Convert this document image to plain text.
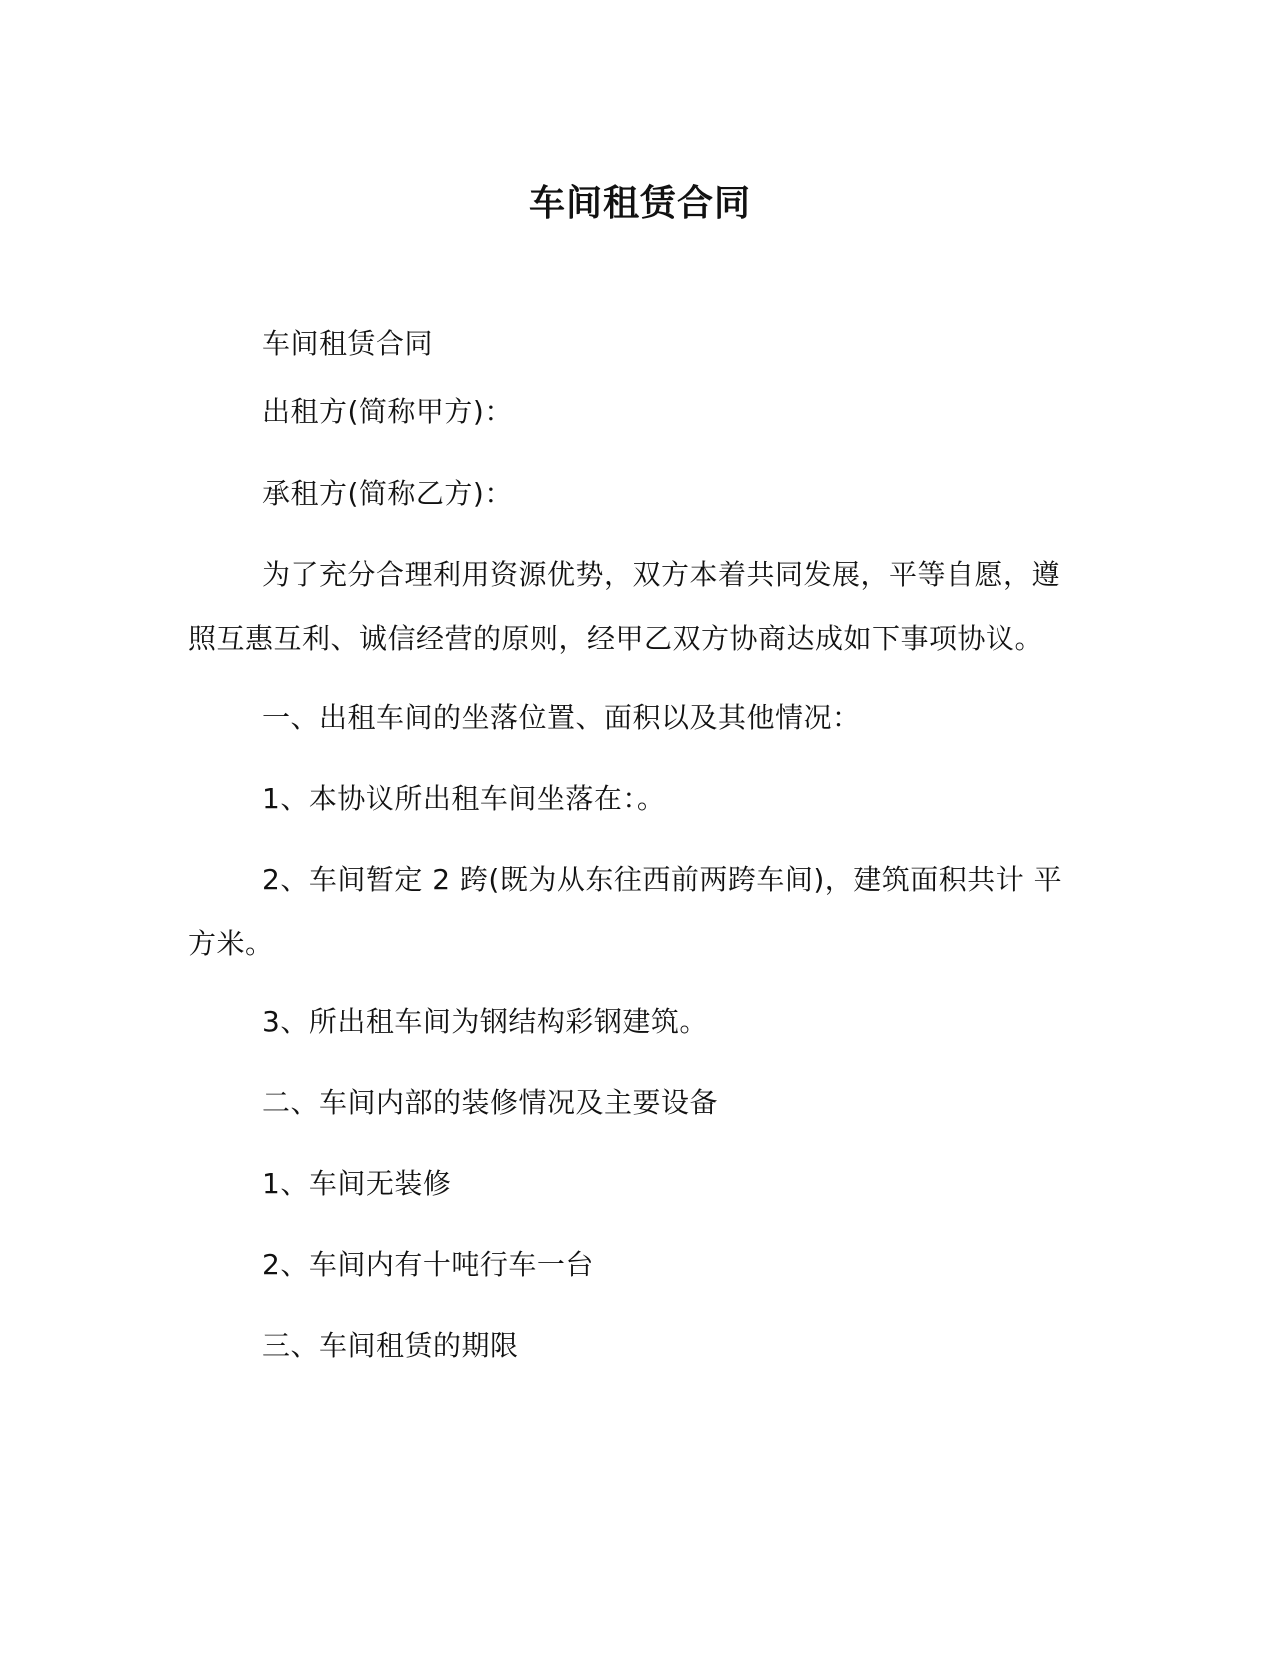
车间租赁合同

车间租赁合同

出租方(简称甲方)：

承租方(简称乙方)：

为了充分合理利用资源优势，双方本着共同发展，平等自愿，遵照互惠互利、诚信经营的原则，经甲乙双方协商达成如下事项协议。

一、出租车间的坐落位置、面积以及其他情况：

1、本协议所出租车间坐落在：。

2、车间暂定 2 跨(既为从东往西前两跨车间)，建筑面积共计 平方米。

3、所出租车间为钢结构彩钢建筑。

二、车间内部的装修情况及主要设备

1、车间无装修

2、车间内有十吨行车一台

三、车间租赁的期限
